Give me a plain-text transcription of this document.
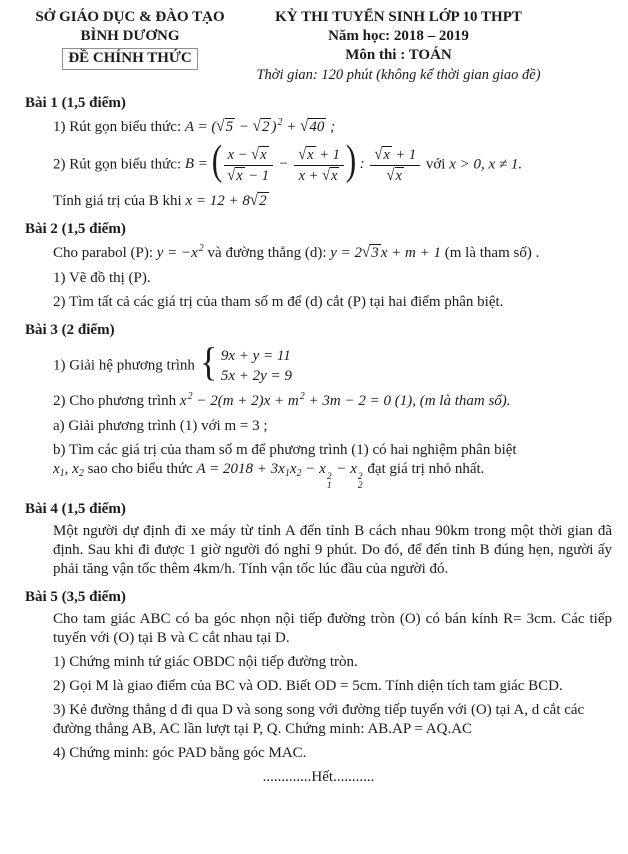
SỞ GIÁO DỤC & ĐÀO TẠO
BÌNH DƯƠNG
ĐỀ CHÍNH THỨC
KỲ THI TUYỂN SINH LỚP 10 THPT
Năm học: 2018 – 2019
Môn thi : TOÁN
Thời gian: 120 phút (không kể thời gian giao đề)
Bài 1 (1,5 điểm)
1) Rút gọn biểu thức: A = (√5 − √2 )$^2$ + √40 ;
2) Rút gọn biểu thức: B = ( $\frac{x - √x}{√x - 1} - \frac{√x + 1}{x + √x}$ ) : $\frac{√x + 1}{√x}$ với x > 0, x ≠ 1.
Tính giá trị của B khi x = 12 + 8√2
Bài 2 (1,5 điểm)
Cho parabol (P): $y = -x^2$ và đường thẳng (d): y = 2√3 x + m + 1 (m là tham số) .
1) Vẽ đồ thị (P).
2) Tìm tất cả các giá trị của tham số m để (d) cắt (P) tại hai điểm phân biệt.
Bài 3 (2 điểm)
1) Giải hệ phương trình { 9x + y = 11
5x + 2y = 9
2) Cho phương trình $x^2 - 2(m + 2)x + m^2 + 3m - 2 = 0$ (1), (m là tham số).
a) Giải phương trình (1) với m = 3 ;
b) Tìm các giá trị của tham số m để phương trình (1) có hai nghiệm phân biệt
$x_1$, $x_2$ sao cho biểu thức $A = 2018 + 3x_1x_2 - x$ 2
1
− x 2
2
đạt giá trị nhỏ nhất.
Bài 4 (1,5 điểm)
Một người dự định đi xe máy từ tỉnh A đến tỉnh B cách nhau 90km trong một thời gian đã định. Sau khi đi được 1 giờ người đó nghỉ 9 phút. Do đó, để đến tỉnh B đúng hẹn, người ấy phải tăng vận tốc thêm 4km/h. Tính vận tốc lúc đầu của người đó.
Bài 5 (3,5 điểm)
Cho tam giác ABC có ba góc nhọn nội tiếp đường tròn (O) có bán kính R= 3cm. Các tiếp tuyến với (O) tại B và C cắt nhau tại D.
1) Chứng minh tứ giác OBDC nội tiếp đường tròn.
2) Gọi M là giao điểm của BC và OD. Biết OD = 5cm. Tính diện tích tam giác BCD.
3) Kẻ đường thẳng d đi qua D và song song với đường tiếp tuyến với (O) tại A, d cắt các đường thẳng AB, AC lần lượt tại P, Q. Chứng minh: AB.AP = AQ.AC
4) Chứng minh: góc PAD bằng góc MAC.
.............Hết...........
